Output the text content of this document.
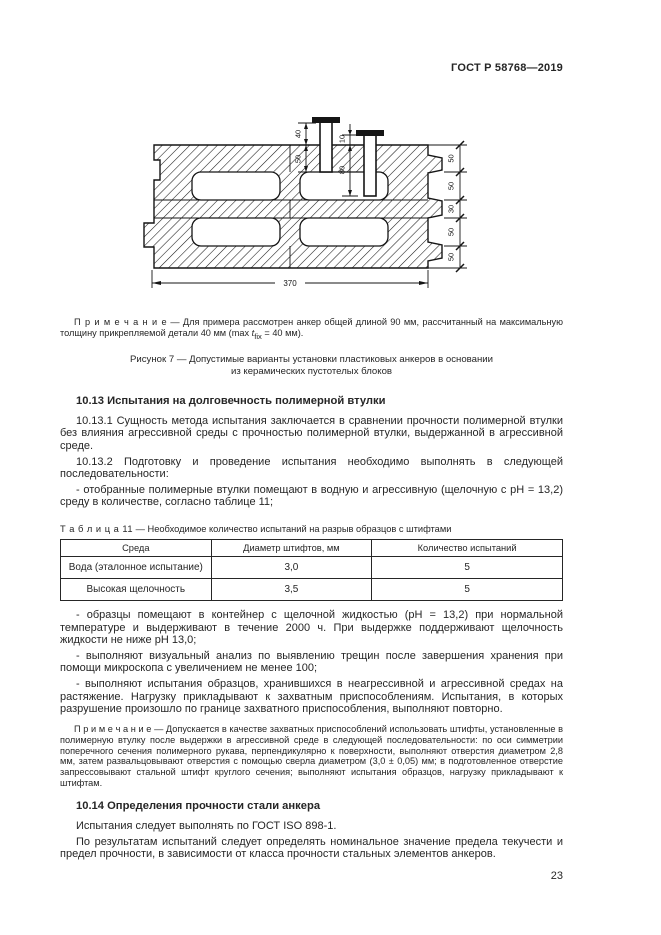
ГОСТ Р 58768—2019
40
50
10
80
50
50
30
50
50
370
П р и м е ч а н и е — Для примера рассмотрен анкер общей длиной 90 мм, рассчитанный на максимальную толщину прикрепляемой детали 40 мм (max $t_{fix} = 40$ мм).
Рисунок 7 — Допустимые варианты установки пластиковых анкеров в основании
из керамических пустотелых блоков
10.13 Испытания на долговечность полимерной втулки
10.13.1 Сущность метода испытания заключается в сравнении прочности полимерной втулки без влияния агрессивной среды с прочностью полимерной втулки, выдержанной в агрессивной среде.
10.13.2 Подготовку и проведение испытания необходимо выполнять в следующей последовательности:
- отобранные полимерные втулки помещают в водную и агрессивную (щелочную с pH = 13,2) среду в количестве, согласно таблице 11;
Т а б л и ц а 11 — Необходимое количество испытаний на разрыв образцов с штифтами
Среда	Диаметр штифтов, мм	Количество испытаний
Вода (эталонное испытание)	3,0	5
Высокая щелочность	3,5	5
- образцы помещают в контейнер с щелочной жидкостью (pH = 13,2) при нормальной температуре и выдерживают в течение 2000 ч. При выдержке поддерживают щелочность жидкости не ниже pH 13,0;
- выполняют визуальный анализ по выявлению трещин после завершения хранения при помощи микроскопа с увеличением не менее 100;
- выполняют испытания образцов, хранившихся в неагрессивной и агрессивной средах на растяжение. Нагрузку прикладывают к захватным приспособлениям. Испытания, в которых разрушение произошло по границе захватного приспособления, выполняют повторно.
П р и м е ч а н и е — Допускается в качестве захватных приспособлений использовать штифты, установленные в полимерную втулку после выдержки в агрессивной среде в следующей последовательности: по оси симметрии поперечного сечения полимерного рукава, перпендикулярно к поверхности, выполняют отверстия диаметром 2,8 мм, затем развальцовывают отверстия с помощью сверла диаметром (3,0 ± 0,05) мм; в подготовленное отверстие запрессовывают стальной штифт круглого сечения; выполняют испытания образцов, нагрузку прикладывают к штифтам.
10.14 Определения прочности стали анкера
Испытания следует выполнять по ГОСТ ISO 898-1.
По результатам испытаний следует определять номинальное значение предела текучести и предел прочности, в зависимости от класса прочности стальных элементов анкеров.
23
